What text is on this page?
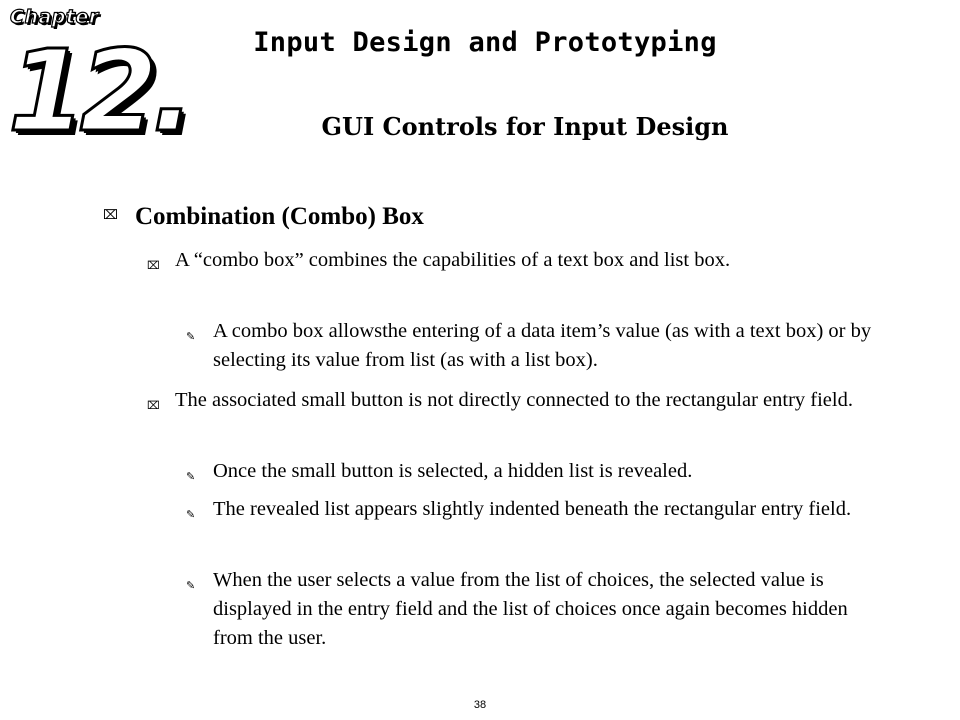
Chapter
12.	Input Design and Prototyping
GUI Controls for Input Design
⌧ Combination (Combo) Box
⌧ A “combo box” combines the capabilities of a text box and list box.
✎ A combo box allowsthe entering of a data item’s value (as with a text box) or by selecting its value from list (as with a list box).
⌧ The associated small button is not directly connected to the rectangular entry field.
✎ Once the small button is selected, a hidden list is revealed.
✎ The revealed list appears slightly indented beneath the rectangular entry field.
✎ When the user selects a value from the list of choices, the selected value is displayed in the entry field and the list of choices once again becomes hidden from the user.
38
